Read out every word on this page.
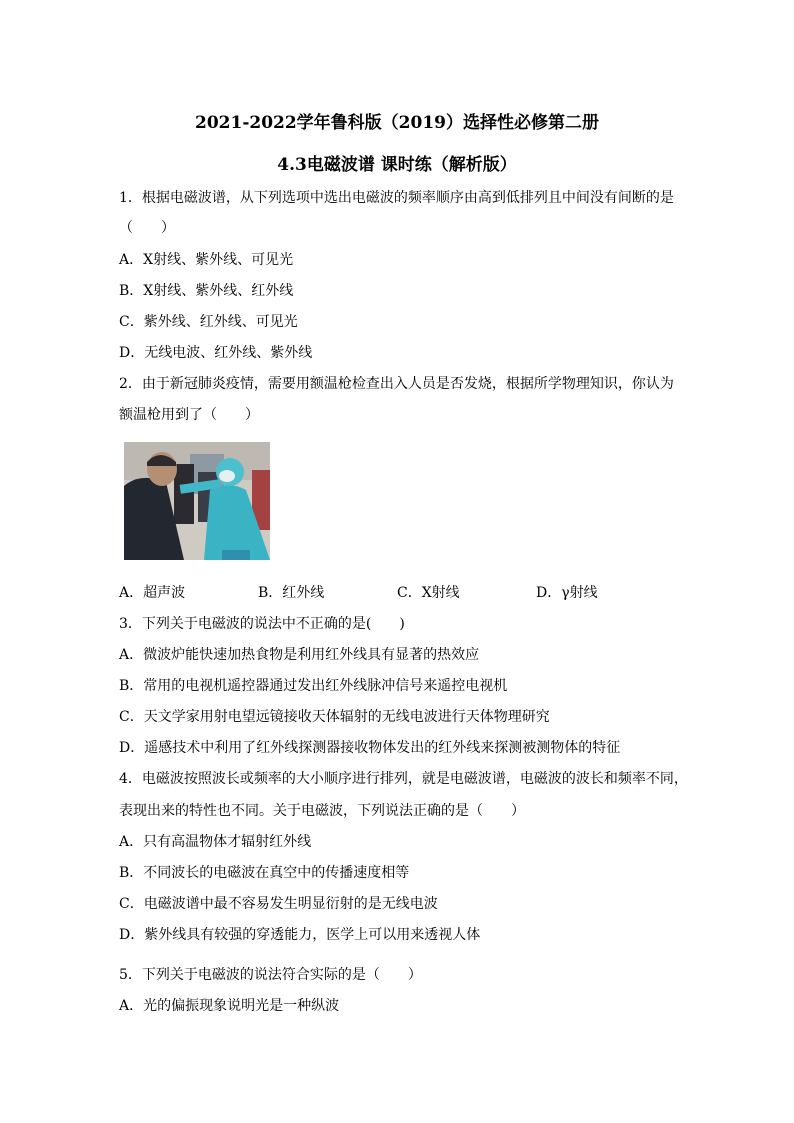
2021-2022学年鲁科版（2019）选择性必修第二册
4.3电磁波谱 课时练（解析版）
1．根据电磁波谱，从下列选项中选出电磁波的频率顺序由高到低排列且中间没有间断的是
（　　）
A．X射线、紫外线、可见光
B．X射线、紫外线、红外线
C．紫外线、红外线、可见光
D．无线电波、红外线、紫外线
2．由于新冠肺炎疫情，需要用额温枪检查出入人员是否发烧，根据所学物理知识，你认为
额温枪用到了（　　）
A．超声波	B．红外线	C．X射线	D．γ射线
3．下列关于电磁波的说法中不正确的是(　　)
A．微波炉能快速加热食物是利用红外线具有显著的热效应
B．常用的电视机遥控器通过发出红外线脉冲信号来遥控电视机
C．天文学家用射电望远镜接收天体辐射的无线电波进行天体物理研究
D．遥感技术中利用了红外线探测器接收物体发出的红外线来探测被测物体的特征
4．电磁波按照波长或频率的大小顺序进行排列，就是电磁波谱，电磁波的波长和频率不同，
表现出来的特性也不同。关于电磁波，下列说法正确的是（　　）
A．只有高温物体才辐射红外线
B．不同波长的电磁波在真空中的传播速度相等
C．电磁波谱中最不容易发生明显衍射的是无线电波
D．紫外线具有较强的穿透能力，医学上可以用来透视人体
5．下列关于电磁波的说法符合实际的是（　　）
A．光的偏振现象说明光是一种纵波
